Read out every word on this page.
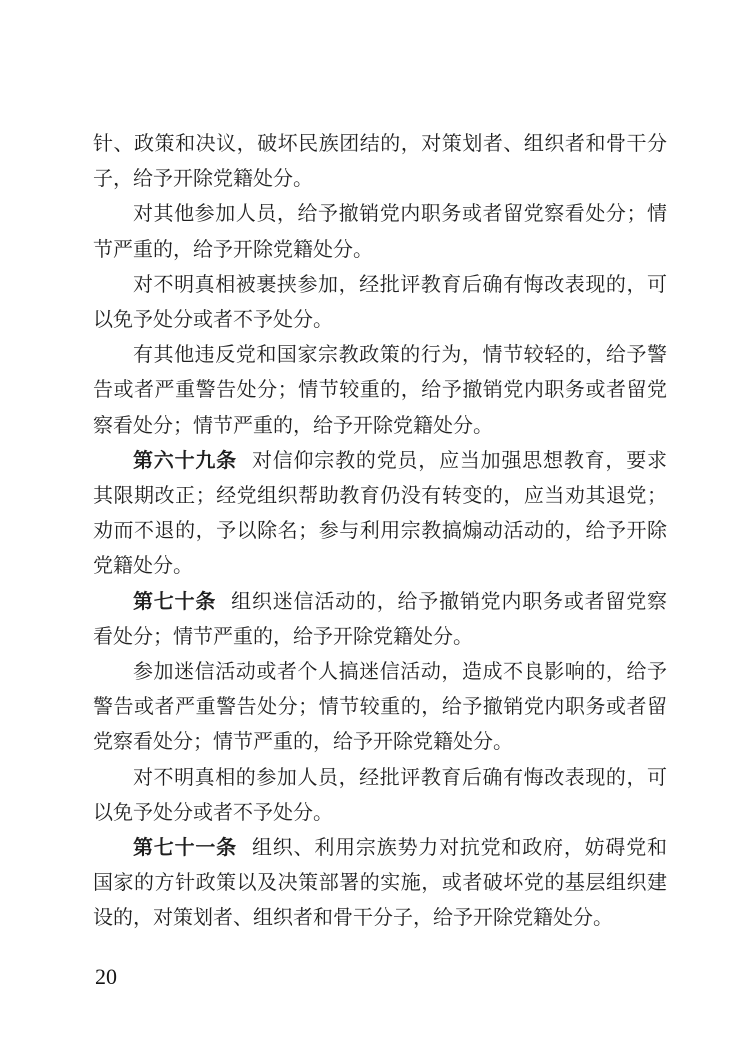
针、政策和决议，破坏民族团结的，对策划者、组织者和骨干分子，给予开除党籍处分。

对其他参加人员，给予撤销党内职务或者留党察看处分；情节严重的，给予开除党籍处分。

对不明真相被裹挟参加，经批评教育后确有悔改表现的，可以免予处分或者不予处分。

有其他违反党和国家宗教政策的行为，情节较轻的，给予警告或者严重警告处分；情节较重的，给予撤销党内职务或者留党察看处分；情节严重的，给予开除党籍处分。

第六十九条 对信仰宗教的党员，应当加强思想教育，要求其限期改正；经党组织帮助教育仍没有转变的，应当劝其退党；劝而不退的，予以除名；参与利用宗教搞煽动活动的，给予开除党籍处分。

第七十条 组织迷信活动的，给予撤销党内职务或者留党察看处分；情节严重的，给予开除党籍处分。

参加迷信活动或者个人搞迷信活动，造成不良影响的，给予警告或者严重警告处分；情节较重的，给予撤销党内职务或者留党察看处分；情节严重的，给予开除党籍处分。

对不明真相的参加人员，经批评教育后确有悔改表现的，可以免予处分或者不予处分。

第七十一条 组织、利用宗族势力对抗党和政府，妨碍党和国家的方针政策以及决策部署的实施，或者破坏党的基层组织建设的，对策划者、组织者和骨干分子，给予开除党籍处分。

20
